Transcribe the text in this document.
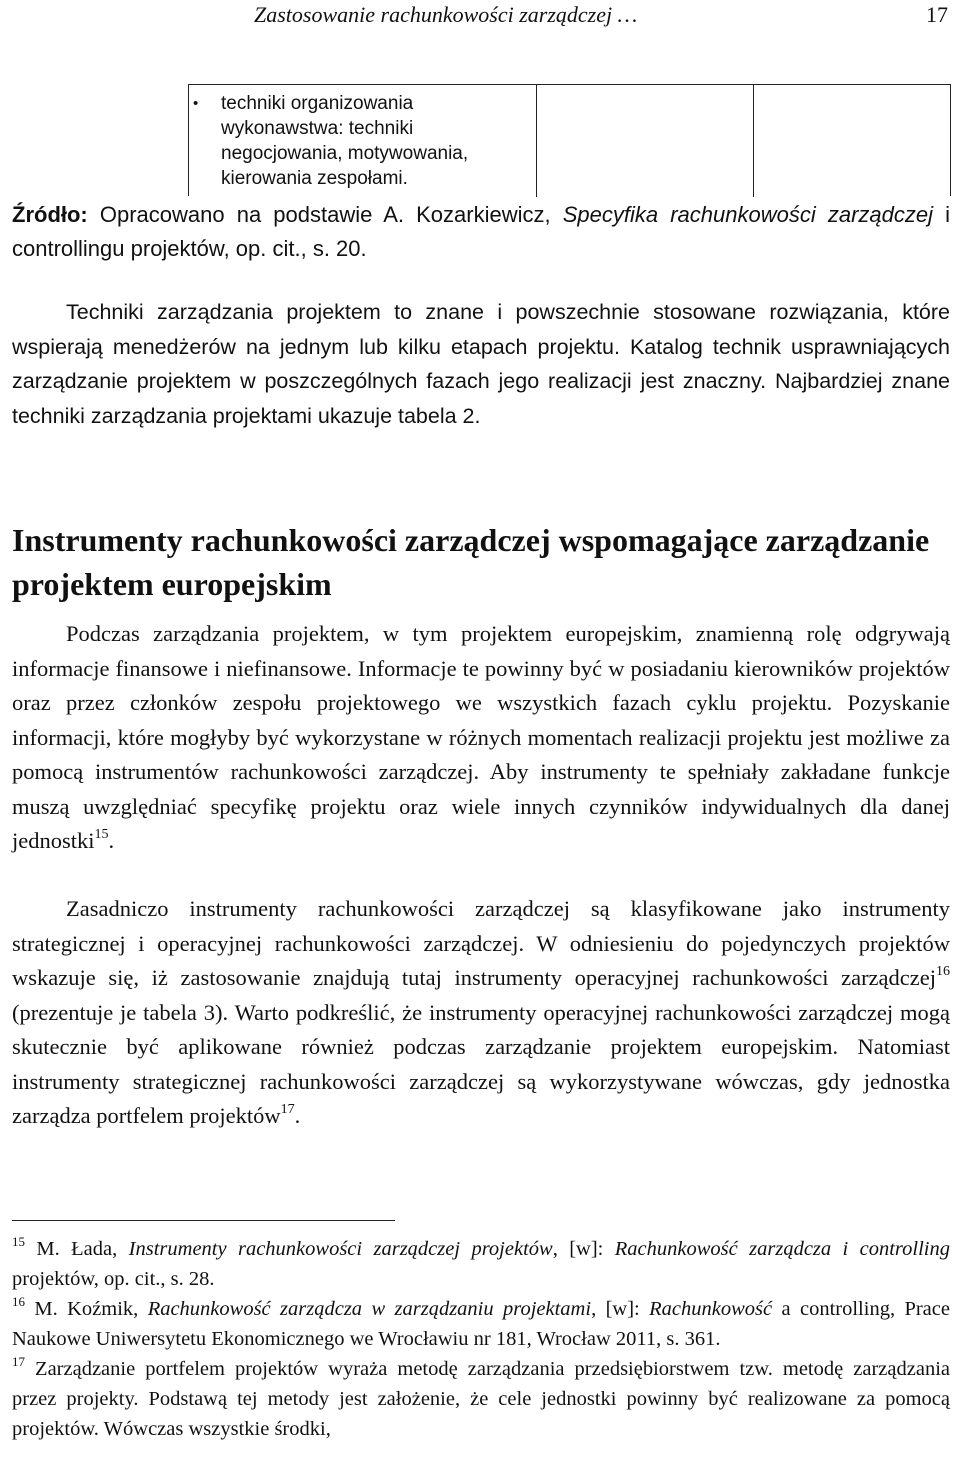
Zastosowanie rachunkowości zarządczej …	17
•	techniki organizowania
wykonawstwa: techniki
negocjowania, motywowania,
kierowania zespołami.
Źródło: Opracowano na podstawie A. Kozarkiewicz, Specyfika rachunkowości zarządczej i controllingu projektów, op. cit., s. 20.
Techniki zarządzania projektem to znane i powszechnie stosowane rozwiązania, które wspierają menedżerów na jednym lub kilku etapach projektu. Katalog technik usprawniających zarządzanie projektem w poszczególnych fazach jego realizacji jest znaczny. Najbardziej znane techniki zarządzania projektami ukazuje tabela 2.
Instrumenty rachunkowości zarządczej wspomagające zarządzanie projektem europejskim
Podczas zarządzania projektem, w tym projektem europejskim, znamienną rolę odgrywają informacje finansowe i niefinansowe. Informacje te powinny być w posiadaniu kierowników projektów oraz przez członków zespołu projektowego we wszystkich fazach cyklu projektu. Pozyskanie informacji, które mogłyby być wykorzystane w różnych momentach realizacji projektu jest możliwe za pomocą instrumentów rachunkowości zarządczej. Aby instrumenty te spełniały zakładane funkcje muszą uwzględniać specyfikę projektu oraz wiele innych czynników indywidualnych dla danej jednostki$^{15}$.
Zasadniczo instrumenty rachunkowości zarządczej są klasyfikowane jako instrumenty strategicznej i operacyjnej rachunkowości zarządczej. W odniesieniu do pojedynczych projektów wskazuje się, iż zastosowanie znajdują tutaj instrumenty operacyjnej rachunkowości zarządczej$^{16}$ (prezentuje je tabela 3). Warto podkreślić, że instrumenty operacyjnej rachunkowości zarządczej mogą skutecznie być aplikowane również podczas zarządzanie projektem europejskim. Natomiast instrumenty strategicznej rachunkowości zarządczej są wykorzystywane wówczas, gdy jednostka zarządza portfelem projektów$^{17}$.

$^{15}$ M. Łada, Instrumenty rachunkowości zarządczej projektów, [w]: Rachunkowość zarządcza i controlling projektów, op. cit., s. 28.

$^{16}$ M. Koźmik, Rachunkowość zarządcza w zarządzaniu projektami, [w]: Rachunkowość a controlling, Prace Naukowe Uniwersytetu Ekonomicznego we Wrocławiu nr 181, Wrocław 2011, s. 361.

$^{17}$ Zarządzanie portfelem projektów wyraża metodę zarządzania przedsiębiorstwem tzw. metodę zarządzania przez projekty. Podstawą tej metody jest założenie, że cele jednostki powinny być realizowane za pomocą projektów. Wówczas wszystkie środki,
